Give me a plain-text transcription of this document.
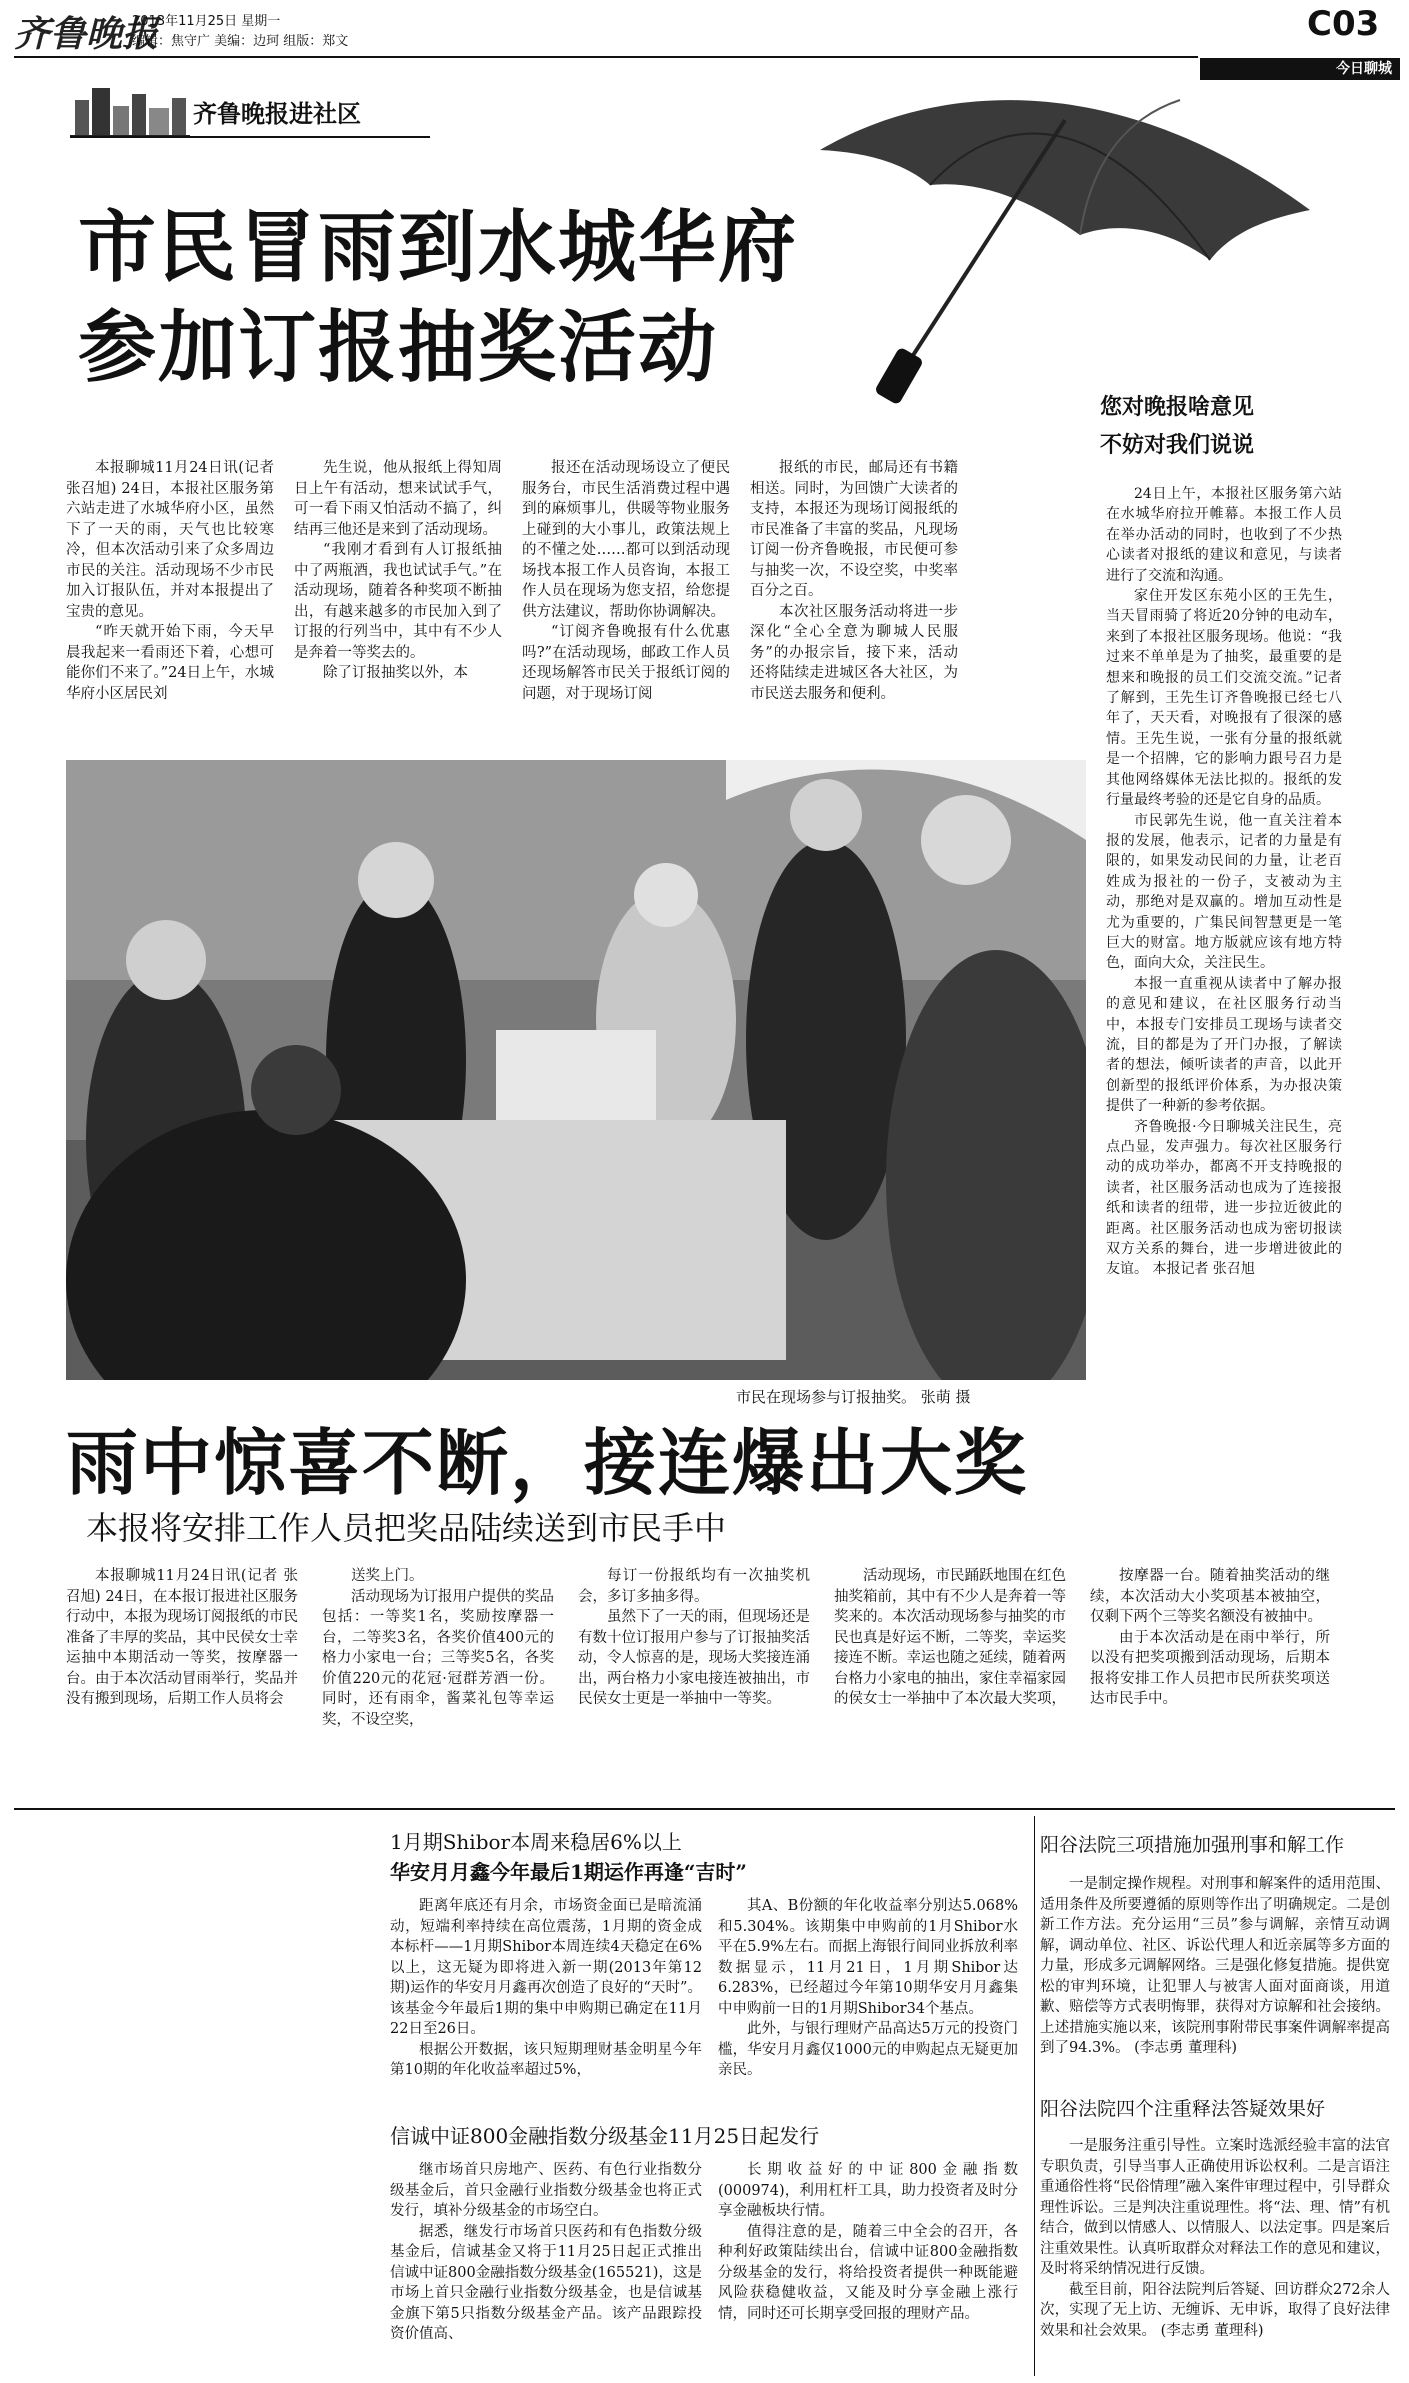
齐鲁晚报
2013年11月25日 星期一
编辑：焦守广 美编：边珂 组版：郑文	C03
今日聊城
齐鲁晚报进社区
市民冒雨到水城华府
参加订报抽奖活动

本报聊城11月24日讯(记者 张召旭) 24日，本报社区服务第六站走进了水城华府小区，虽然下了一天的雨，天气也比较寒冷，但本次活动引来了众多周边市民的关注。活动现场不少市民加入订报队伍，并对本报提出了宝贵的意见。

“昨天就开始下雨，今天早晨我起来一看雨还下着，心想可能你们不来了。”24日上午，水城华府小区居民刘

先生说，他从报纸上得知周日上午有活动，想来试试手气，可一看下雨又怕活动不搞了，纠结再三他还是来到了活动现场。

“我刚才看到有人订报纸抽中了两瓶酒，我也试试手气。”在活动现场，随着各种奖项不断抽出，有越来越多的市民加入到了订报的行列当中，其中有不少人是奔着一等奖去的。

除了订报抽奖以外，本

报还在活动现场设立了便民服务台，市民生活消费过程中遇到的麻烦事儿，供暖等物业服务上碰到的大小事儿，政策法规上的不懂之处……都可以到活动现场找本报工作人员咨询，本报工作人员在现场为您支招，给您提供方法建议，帮助你协调解决。

“订阅齐鲁晚报有什么优惠吗?”在活动现场，邮政工作人员还现场解答市民关于报纸订阅的问题，对于现场订阅

报纸的市民，邮局还有书籍相送。同时，为回馈广大读者的支持，本报还为现场订阅报纸的市民准备了丰富的奖品，凡现场订阅一份齐鲁晚报，市民便可参与抽奖一次，不设空奖，中奖率百分之百。

本次社区服务活动将进一步深化“全心全意为聊城人民服务”的办报宗旨，接下来，活动还将陆续走进城区各大社区，为市民送去服务和便利。

您对晚报啥意见
不妨对我们说说

24日上午，本报社区服务第六站在水城华府拉开帷幕。本报工作人员在举办活动的同时，也收到了不少热心读者对报纸的建议和意见，与读者进行了交流和沟通。

家住开发区东苑小区的王先生，当天冒雨骑了将近20分钟的电动车，来到了本报社区服务现场。他说：“我过来不单单是为了抽奖，最重要的是想来和晚报的员工们交流交流。”记者了解到，王先生订齐鲁晚报已经七八年了，天天看，对晚报有了很深的感情。王先生说，一张有分量的报纸就是一个招牌，它的影响力跟号召力是其他网络媒体无法比拟的。报纸的发行量最终考验的还是它自身的品质。

市民郭先生说，他一直关注着本报的发展，他表示，记者的力量是有限的，如果发动民间的力量，让老百姓成为报社的一份子，支被动为主动，那绝对是双赢的。增加互动性是尤为重要的，广集民间智慧更是一笔巨大的财富。地方版就应该有地方特色，面向大众，关注民生。

本报一直重视从读者中了解办报的意见和建议，在社区服务行动当中，本报专门安排员工现场与读者交流，目的都是为了开门办报，了解读者的想法，倾听读者的声音，以此开创新型的报纸评价体系，为办报决策提供了一种新的参考依据。

齐鲁晚报·今日聊城关注民生，亮点凸显，发声强力。每次社区服务行动的成功举办，都离不开支持晚报的读者，社区服务活动也成为了连接报纸和读者的纽带，进一步拉近彼此的距离。社区服务活动也成为密切报读双方关系的舞台，进一步增进彼此的友谊。 本报记者 张召旭

市民在现场参与订报抽奖。 张萌 摄
雨中惊喜不断，接连爆出大奖
本报将安排工作人员把奖品陆续送到市民手中

本报聊城11月24日讯(记者 张召旭) 24日，在本报订报进社区服务行动中，本报为现场订阅报纸的市民准备了丰厚的奖品，其中民侯女士幸运抽中本期活动一等奖，按摩器一台。由于本次活动冒雨举行，奖品并没有搬到现场，后期工作人员将会

送奖上门。

活动现场为订报用户提供的奖品包括：一等奖1名，奖励按摩器一台，二等奖3名，各奖价值400元的格力小家电一台；三等奖5名，各奖价值220元的花冠·冠群芳酒一份。同时，还有雨伞，酱菜礼包等幸运奖，不设空奖，

每订一份报纸均有一次抽奖机会，多订多抽多得。

虽然下了一天的雨，但现场还是有数十位订报用户参与了订报抽奖活动，令人惊喜的是，现场大奖接连涌出，两台格力小家电接连被抽出，市民侯女士更是一举抽中一等奖。

活动现场，市民踊跃地围在红色抽奖箱前，其中有不少人是奔着一等奖来的。本次活动现场参与抽奖的市民也真是好运不断，二等奖，幸运奖接连不断。幸运也随之延续，随着两台格力小家电的抽出，家住幸福家园的侯女士一举抽中了本次最大奖项，

按摩器一台。随着抽奖活动的继续，本次活动大小奖项基本被抽空，仅剩下两个三等奖名额没有被抽中。

由于本次活动是在雨中举行，所以没有把奖项搬到活动现场，后期本报将安排工作人员把市民所获奖项送达市民手中。

1月期Shibor本周来稳居6%以上
华安月月鑫今年最后1期运作再逢“吉时”

距离年底还有月余，市场资金面已是暗流涌动，短端利率持续在高位震荡，1月期的资金成本标杆——1月期Shibor本周连续4天稳定在6%以上，这无疑为即将进入新一期(2013年第12期)运作的华安月月鑫再次创造了良好的“天时”。该基金今年最后1期的集中申购期已确定在11月22日至26日。

根据公开数据，该只短期理财基金明星今年第10期的年化收益率超过5%，

其A、B份额的年化收益率分别达5.068%和5.304%。该期集中申购前的1月Shibor水平在5.9%左右。而据上海银行间同业拆放利率数据显示，11月21日，1月期Shibor达6.283%，已经超过今年第10期华安月月鑫集中申购前一日的1月期Shibor34个基点。

此外，与银行理财产品高达5万元的投资门槛，华安月月鑫仅1000元的申购起点无疑更加亲民。

信诚中证800金融指数分级基金11月25日起发行

继市场首只房地产、医药、有色行业指数分级基金后，首只金融行业指数分级基金也将正式发行，填补分级基金的市场空白。

据悉，继发行市场首只医药和有色指数分级基金后，信诚基金又将于11月25日起正式推出信诚中证800金融指数分级基金(165521)，这是市场上首只金融行业指数分级基金，也是信诚基金旗下第5只指数分级基金产品。该产品跟踪投资价值高、

长期收益好的中证800金融指数(000974)，利用杠杆工具，助力投资者及时分享金融板块行情。

值得注意的是，随着三中全会的召开，各种利好政策陆续出台，信诚中证800金融指数分级基金的发行，将给投资者提供一种既能避风险获稳健收益，又能及时分享金融上涨行情，同时还可长期享受回报的理财产品。

阳谷法院三项措施加强刑事和解工作

一是制定操作规程。对刑事和解案件的适用范围、适用条件及所要遵循的原则等作出了明确规定。二是创新工作方法。充分运用“三员”参与调解，亲情互动调解，调动单位、社区、诉讼代理人和近亲属等多方面的力量，形成多元调解网络。三是强化修复措施。提供宽松的审判环境，让犯罪人与被害人面对面商谈，用道歉、赔偿等方式表明悔罪，获得对方谅解和社会接纳。上述措施实施以来，该院刑事附带民事案件调解率提高到了94.3%。 (李志勇 董理科)

阳谷法院四个注重释法答疑效果好

一是服务注重引导性。立案时选派经验丰富的法官专职负责，引导当事人正确使用诉讼权利。二是言语注重通俗性将“民俗情理”融入案件审理过程中，引导群众理性诉讼。三是判决注重说理性。将“法、理、情”有机结合，做到以情感人、以情服人、以法定事。四是案后注重效果性。认真听取群众对释法工作的意见和建议，及时将采纳情况进行反馈。

截至目前，阳谷法院判后答疑、回访群众272余人次，实现了无上访、无缠诉、无申诉，取得了良好法律效果和社会效果。 (李志勇 董理科)
